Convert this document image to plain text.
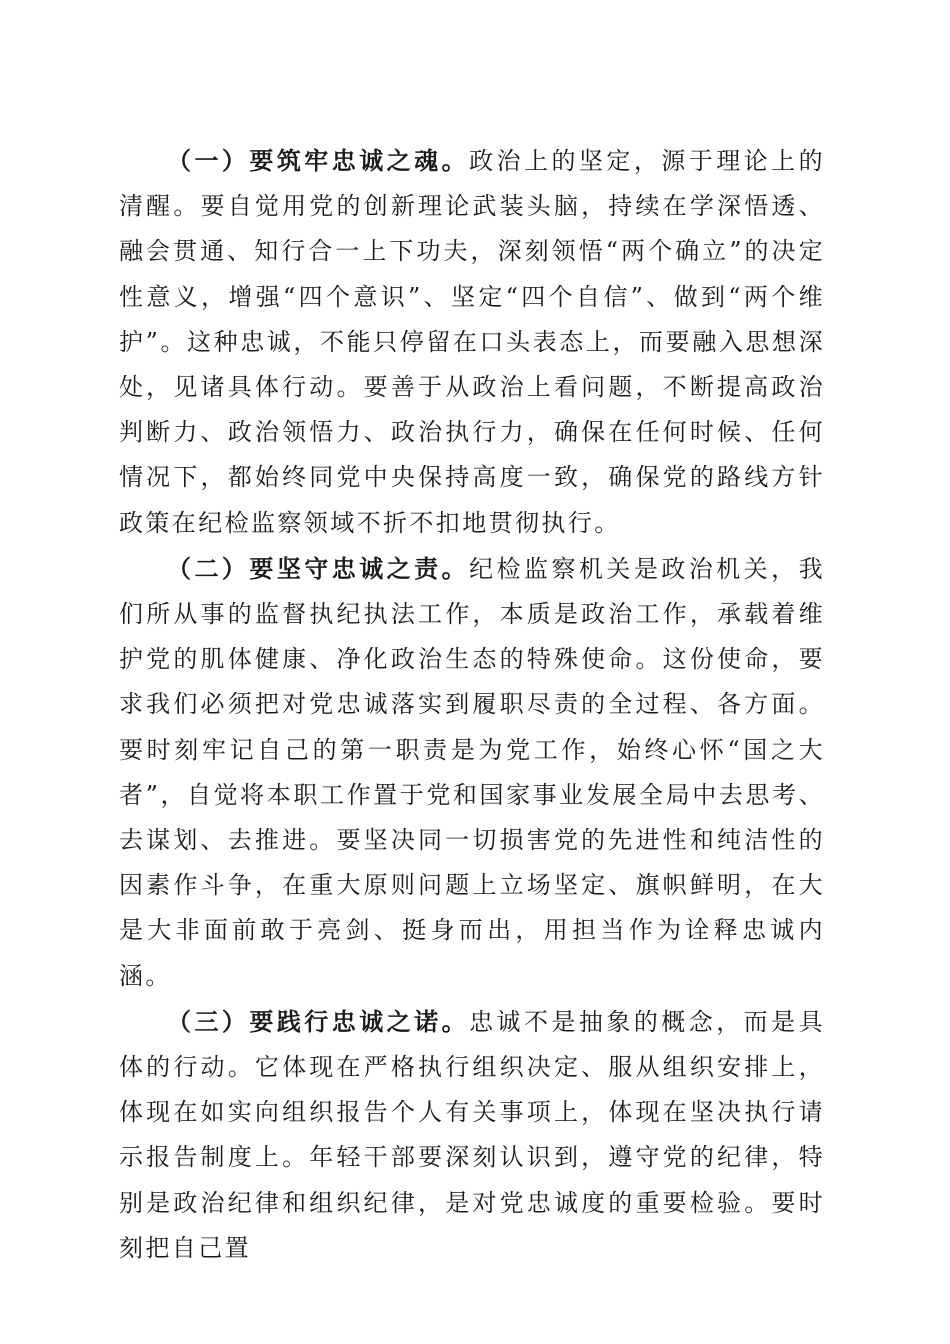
（一）要筑牢忠诚之魂。政治上的坚定，源于理论上的清醒。要自觉用党的创新理论武装头脑，持续在学深悟透、融会贯通、知行合一上下功夫，深刻领悟“两个确立”的决定性意义，增强“四个意识”、坚定“四个自信”、做到“两个维护”。这种忠诚，不能只停留在口头表态上，而要融入思想深处，见诸具体行动。要善于从政治上看问题，不断提高政治判断力、政治领悟力、政治执行力，确保在任何时候、任何情况下，都始终同党中央保持高度一致，确保党的路线方针政策在纪检监察领域不折不扣地贯彻执行。

（二）要坚守忠诚之责。纪检监察机关是政治机关，我们所从事的监督执纪执法工作，本质是政治工作，承载着维护党的肌体健康、净化政治生态的特殊使命。这份使命，要求我们必须把对党忠诚落实到履职尽责的全过程、各方面。要时刻牢记自己的第一职责是为党工作，始终心怀“国之大者”，自觉将本职工作置于党和国家事业发展全局中去思考、去谋划、去推进。要坚决同一切损害党的先进性和纯洁性的因素作斗争，在重大原则问题上立场坚定、旗帜鲜明，在大是大非面前敢于亮剑、挺身而出，用担当作为诠释忠诚内涵。

（三）要践行忠诚之诺。忠诚不是抽象的概念，而是具体的行动。它体现在严格执行组织决定、服从组织安排上，体现在如实向组织报告个人有关事项上，体现在坚决执行请示报告制度上。年轻干部要深刻认识到，遵守党的纪律，特别是政治纪律和组织纪律，是对党忠诚度的重要检验。要时刻把自己置
